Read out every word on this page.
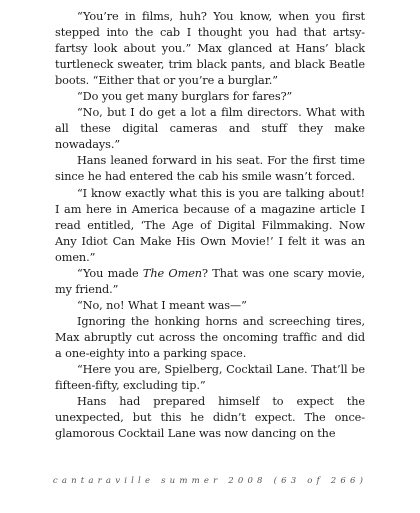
“You’re in films, huh? You know, when you first stepped into the cab I thought you had that artsy-fartsy look about you.” Max glanced at Hans’ black turtleneck sweater, trim black pants, and black Beatle boots. “Either that or you’re a burglar.”

“Do you get many burglars for fares?”

“No, but I do get a lot a film directors. What with all these digital cameras and stuff they make nowadays.”

Hans leaned forward in his seat. For the first time since he had entered the cab his smile wasn’t forced.

“I know exactly what this is you are talking about! I am here in America because of a magazine article I read entitled, ‘The Age of Digital Filmmaking. Now Any Idiot Can Make His Own Movie!’ I felt it was an omen.”

“You made The Omen? That was one scary movie, my friend.”

“No, no! What I meant was—”

Ignoring the honking horns and screeching tires, Max abruptly cut across the oncoming traffic and did a one-eighty into a parking space.

“Here you are, Spielberg, Cocktail Lane. That’ll be fifteen-fifty, excluding tip.”

Hans had prepared himself to expect the unexpected, but this he didn’t expect. The once-glamorous Cocktail Lane was now dancing on the

cantaraville summer 2008 (63 of 266)
